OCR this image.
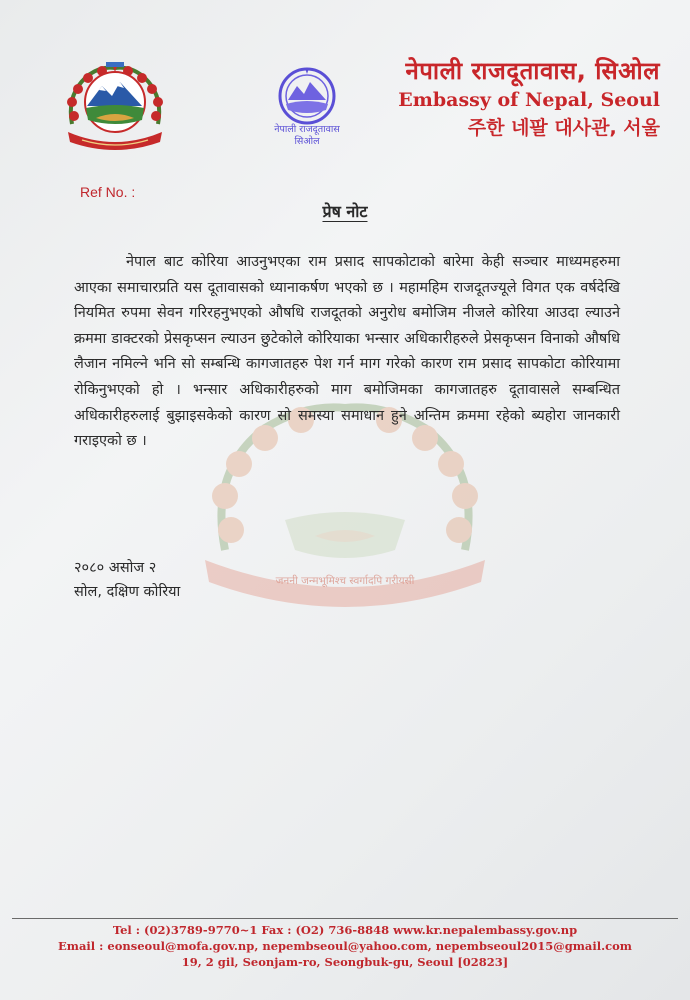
नेपाली राजदूतावास सिओल
नेपाली राजदूतावास, सिओल
Embassy of Nepal, Seoul
주한 네팔 대사관, 서울
Ref No. :
प्रेष नोट
जननी जन्मभूमिश्च स्वर्गादपि गरीयसी

नेपाल बाट कोरिया आउनुभएका राम प्रसाद सापकोटाको बारेमा केही सञ्चार माध्यमहरुमा आएका समाचारप्रति यस दूतावासको ध्यानाकर्षण भएको छ । महामहिम राजदूतज्यूले विगत एक वर्षदेखि नियमित रुपमा सेवन गरिरहनुभएको औषधि राजदूतको अनुरोध बमोजिम नीजले कोरिया आउदा ल्याउने क्रममा डाक्टरको प्रेसकृप्सन ल्याउन छुटेकोले कोरियाका भन्सार अधिकारीहरुले प्रेसकृप्सन विनाको औषधि लैजान नमिल्ने भनि सो सम्बन्धि कागजातहरु पेश गर्न माग गरेको कारण राम प्रसाद सापकोटा कोरियामा रोकिनुभएको हो । भन्सार अधिकारीहरुको माग बमोजिमका कागजातहरु दूतावासले सम्बन्धित अधिकारीहरुलाई बुझाइसकेको कारण सो समस्या समाधान हुने अन्तिम क्रममा रहेको ब्यहोरा जानकारी गराइएको छ ।

२०८० असोज २
सोल, दक्षिण कोरिया
Tel : (02)3789-9770~1 Fax : (O2) 736-8848 www.kr.nepalembassy.gov.np
Email : eonseoul@mofa.gov.np, nepembseoul@yahoo.com, nepembseoul2015@gmail.com
19, 2 gil, Seonjam-ro, Seongbuk-gu, Seoul [02823]
